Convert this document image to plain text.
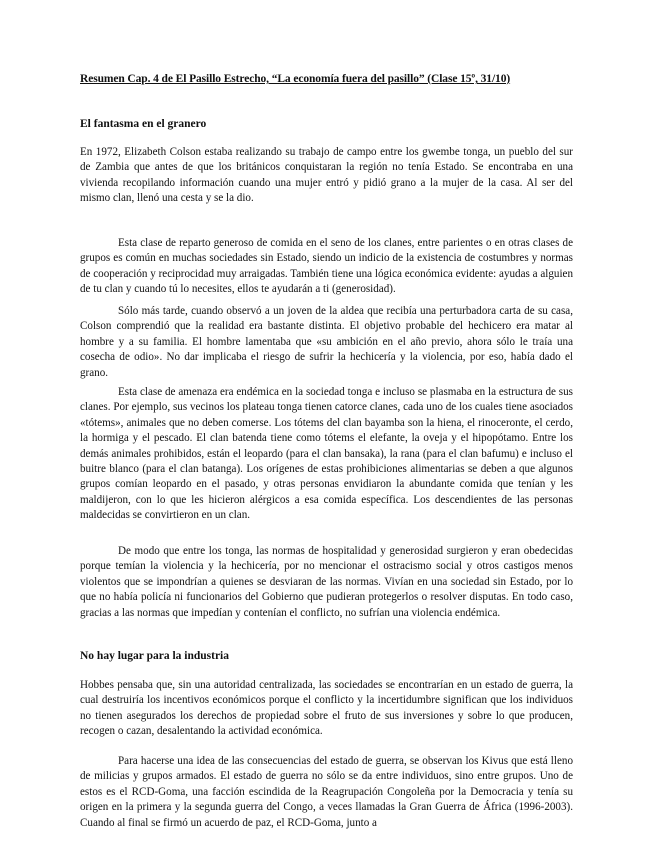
Resumen Cap. 4 de El Pasillo Estrecho, “La economía fuera del pasillo” (Clase 15º, 31/10)
El fantasma en el granero

En 1972, Elizabeth Colson estaba realizando su trabajo de campo entre los gwembe tonga, un pueblo del sur de Zambia que antes de que los británicos conquistaran la región no tenía Estado. Se encontraba en una vivienda recopilando información cuando una mujer entró y pidió grano a la mujer de la casa. Al ser del mismo clan, llenó una cesta y se la dio.

Esta clase de reparto generoso de comida en el seno de los clanes, entre parientes o en otras clases de grupos es común en muchas sociedades sin Estado, siendo un indicio de la existencia de costumbres y normas de cooperación y reciprocidad muy arraigadas. También tiene una lógica económica evidente: ayudas a alguien de tu clan y cuando tú lo necesites, ellos te ayudarán a ti (generosidad).

Sólo más tarde, cuando observó a un joven de la aldea que recibía una perturbadora carta de su casa, Colson comprendió que la realidad era bastante distinta. El objetivo probable del hechicero era matar al hombre y a su familia. El hombre lamentaba que «su ambición en el año previo, ahora sólo le traía una cosecha de odio». No dar implicaba el riesgo de sufrir la hechicería y la violencia, por eso, había dado el grano.

Esta clase de amenaza era endémica en la sociedad tonga e incluso se plasmaba en la estructura de sus clanes. Por ejemplo, sus vecinos los plateau tonga tienen catorce clanes, cada uno de los cuales tiene asociados «tótems», animales que no deben comerse. Los tótems del clan bayamba son la hiena, el rinoceronte, el cerdo, la hormiga y el pescado. El clan batenda tiene como tótems el elefante, la oveja y el hipopótamo. Entre los demás animales prohibidos, están el leopardo (para el clan bansaka), la rana (para el clan bafumu) e incluso el buitre blanco (para el clan batanga). Los orígenes de estas prohibiciones alimentarias se deben a que algunos grupos comían leopardo en el pasado, y otras personas envidiaron la abundante comida que tenían y les maldijeron, con lo que les hicieron alérgicos a esa comida específica. Los descendientes de las personas maldecidas se convirtieron en un clan.

De modo que entre los tonga, las normas de hospitalidad y generosidad surgieron y eran obedecidas porque temían la violencia y la hechicería, por no mencionar el ostracismo social y otros castigos menos violentos que se impondrían a quienes se desviaran de las normas. Vivían en una sociedad sin Estado, por lo que no había policía ni funcionarios del Gobierno que pudieran protegerlos o resolver disputas. En todo caso, gracias a las normas que impedían y contenían el conflicto, no sufrían una violencia endémica.

No hay lugar para la industria

Hobbes pensaba que, sin una autoridad centralizada, las sociedades se encontrarían en un estado de guerra, la cual destruiría los incentivos económicos porque el conflicto y la incertidumbre significan que los individuos no tienen asegurados los derechos de propiedad sobre el fruto de sus inversiones y sobre lo que producen, recogen o cazan, desalentando la actividad económica.

Para hacerse una idea de las consecuencias del estado de guerra, se observan los Kivus que está lleno de milicias y grupos armados. El estado de guerra no sólo se da entre individuos, sino entre grupos. Uno de estos es el RCD-Goma, una facción escindida de la Reagrupación Congoleña por la Democracia y tenía su origen en la primera y la segunda guerra del Congo, a veces llamadas la Gran Guerra de África (1996-2003). Cuando al final se firmó un acuerdo de paz, el RCD-Goma, junto a
